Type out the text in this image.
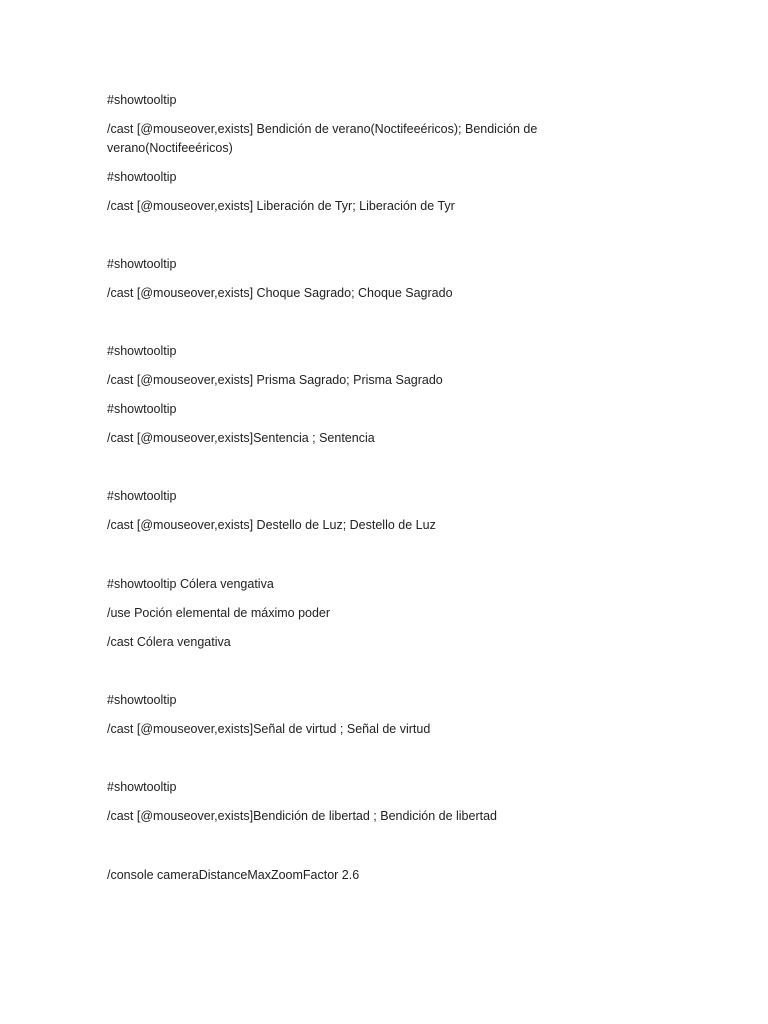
#showtooltip

/cast [@mouseover,exists] Bendición de verano(Noctifeeéricos); Bendición de verano(Noctifeeéricos)

#showtooltip

/cast [@mouseover,exists] Liberación de Tyr; Liberación de Tyr

#showtooltip

/cast [@mouseover,exists] Choque Sagrado; Choque Sagrado

#showtooltip

/cast [@mouseover,exists] Prisma Sagrado; Prisma Sagrado

#showtooltip

/cast [@mouseover,exists]Sentencia ; Sentencia

#showtooltip

/cast [@mouseover,exists] Destello de Luz; Destello de Luz

#showtooltip Cólera vengativa

/use Poción elemental de máximo poder

/cast Cólera vengativa

#showtooltip

/cast [@mouseover,exists]Señal de virtud ; Señal de virtud

#showtooltip

/cast [@mouseover,exists]Bendición de libertad ; Bendición de libertad

/console cameraDistanceMaxZoomFactor 2.6
